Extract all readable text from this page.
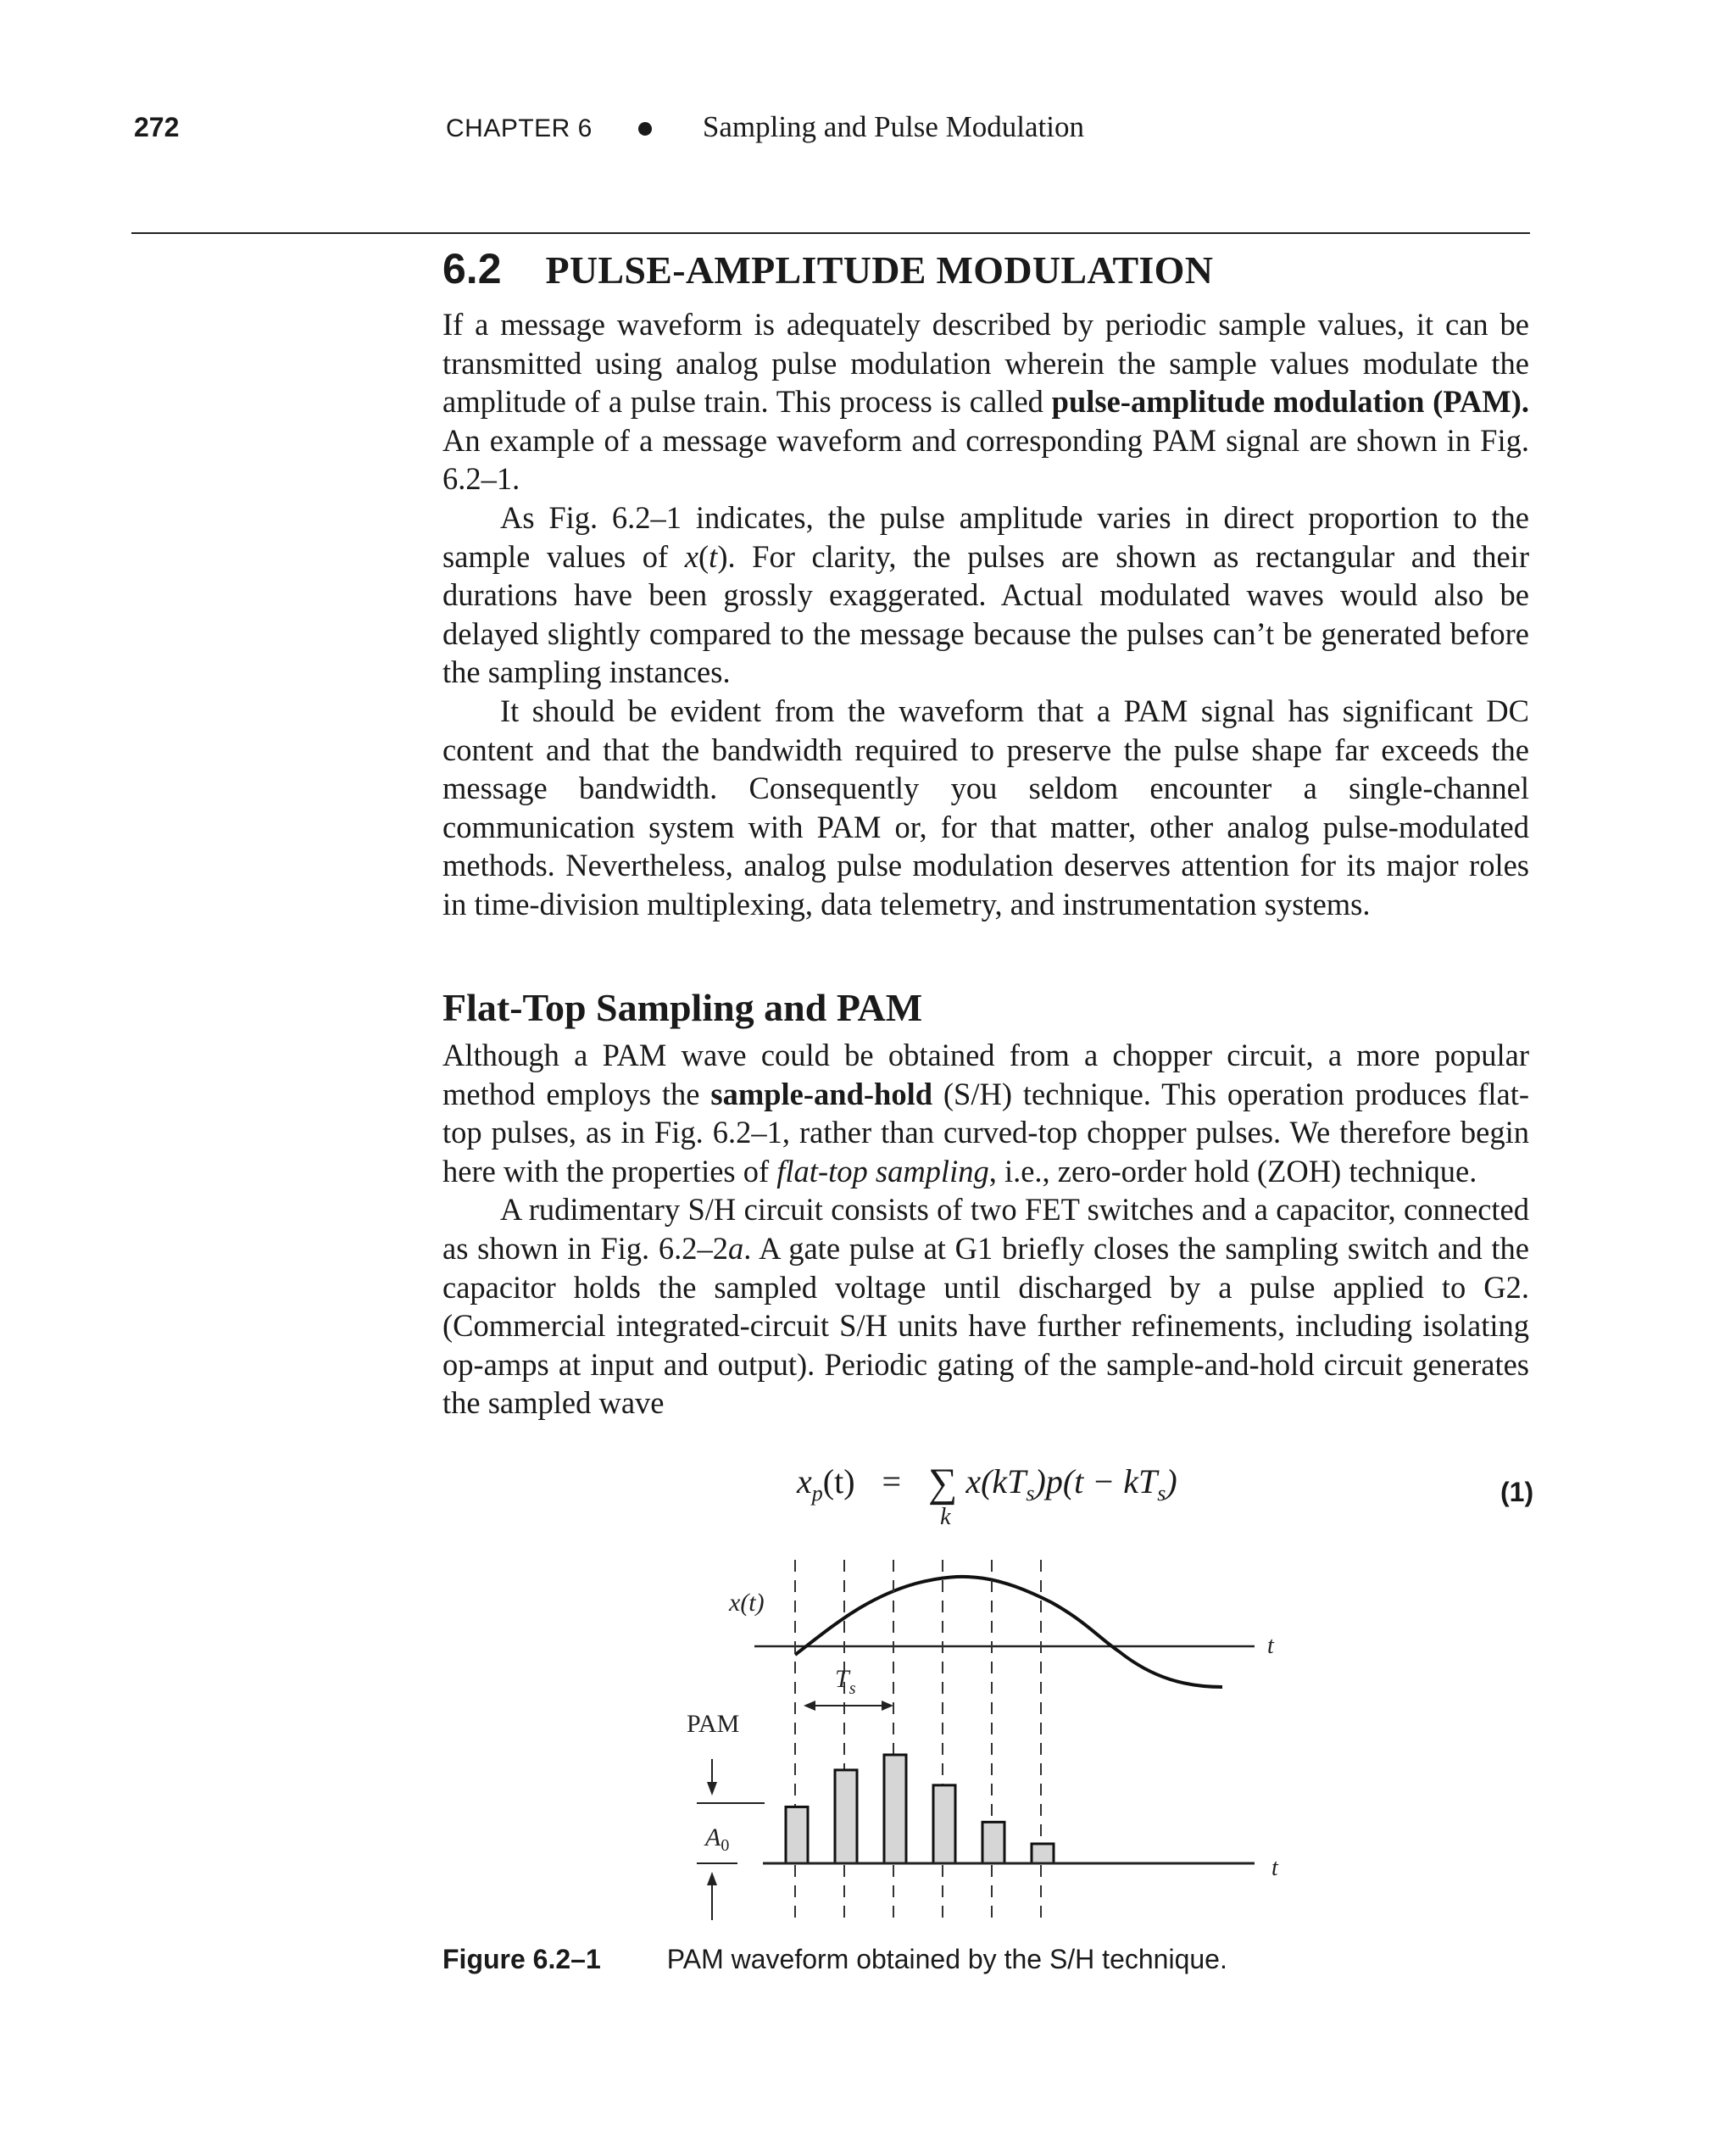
272	CHAPTER 6	Sampling and Pulse Modulation
6.2 PULSE-AMPLITUDE MODULATION

If a message waveform is adequately described by periodic sample values, it can be transmitted using analog pulse modulation wherein the sample values modulate the amplitude of a pulse train. This process is called pulse-amplitude modulation (PAM). An example of a message waveform and corresponding PAM signal are shown in Fig. 6.2–1.

As Fig. 6.2–1 indicates, the pulse amplitude varies in direct proportion to the sample values of x(t). For clarity, the pulses are shown as rectangular and their durations have been grossly exaggerated. Actual modulated waves would also be delayed slightly compared to the message because the pulses can’t be generated before the sampling instances.

It should be evident from the waveform that a PAM signal has significant DC content and that the bandwidth required to preserve the pulse shape far exceeds the message bandwidth. Consequently you seldom encounter a single-channel communication system with PAM or, for that matter, other analog pulse-modulated methods. Nevertheless, analog pulse modulation deserves attention for its major roles in time-division multiplexing, data telemetry, and instrumentation systems.

Flat-Top Sampling and PAM

Although a PAM wave could be obtained from a chopper circuit, a more popular method employs the sample-and-hold (S/H) technique. This operation produces flat-top pulses, as in Fig. 6.2–1, rather than curved-top chopper pulses. We therefore begin here with the properties of flat-top sampling, i.e., zero-order hold (ZOH) technique.

A rudimentary S/H circuit consists of two FET switches and a capacitor, connected as shown in Fig. 6.2–2a. A gate pulse at G1 briefly closes the sampling switch and the capacitor holds the sampled voltage until discharged by a pulse applied to G2. (Commercial integrated-circuit S/H units have further refinements, including isolating op-amps at input and output). Periodic gating of the sample-and-hold circuit generates the sampled wave

$x_p(t)$ = ∑
k
$x(kT_s)p(t - kT_s)$	(1)
x(t)
t
$T_s$
PAM
t
$A_0$
Figure 6.2–1 PAM waveform obtained by the S/H technique.
